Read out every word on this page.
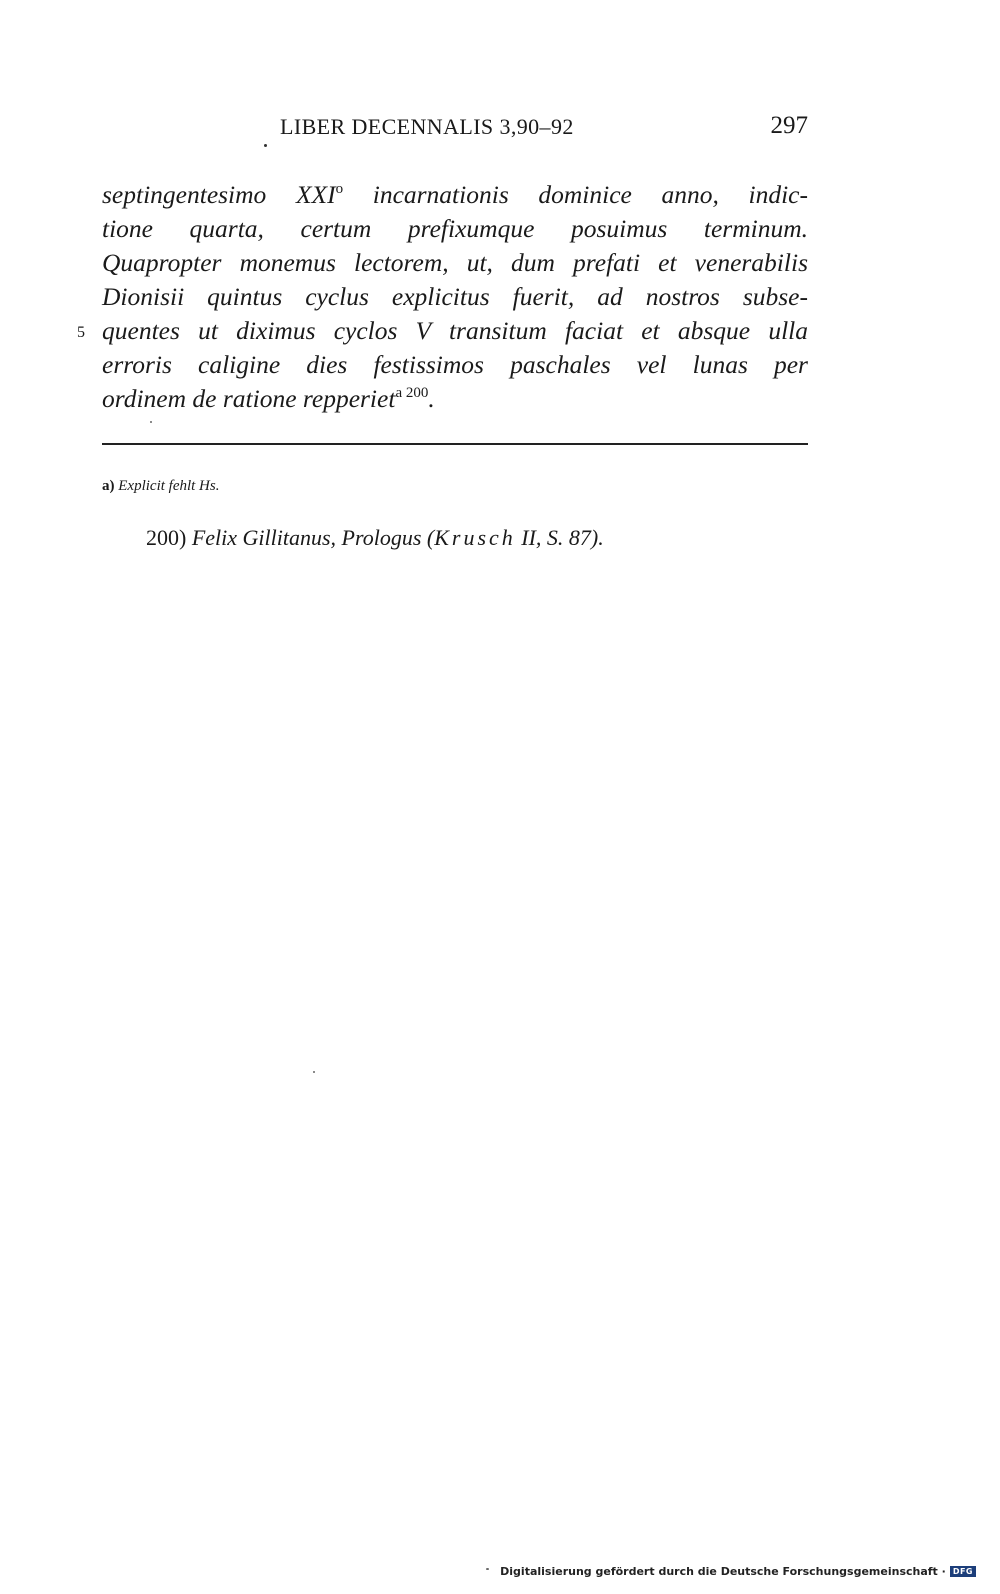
LIBER DECENNALIS 3,90–92	297
5
septingentesimo XXI$^o$ incarnationis dominice anno, indic-
tione quarta, certum prefixumque posuimus terminum.
Quapropter monemus lectorem, ut, dum prefati et venerabilis
Dionisii quintus cyclus explicitus fuerit, ad nostros subse-
quentes ut diximus cyclos V transitum faciat et absque ulla
erroris caligine dies festissimos paschales vel lunas per
ordinem de ratione repperiet$^{a 200}$.
a) Explicit fehlt Hs.
200) Felix Gillitanus, Prologus (Krusch II, S. 87).
Digitalisierung gefördert durch die Deutsche Forschungsgemeinschaft · DFG
